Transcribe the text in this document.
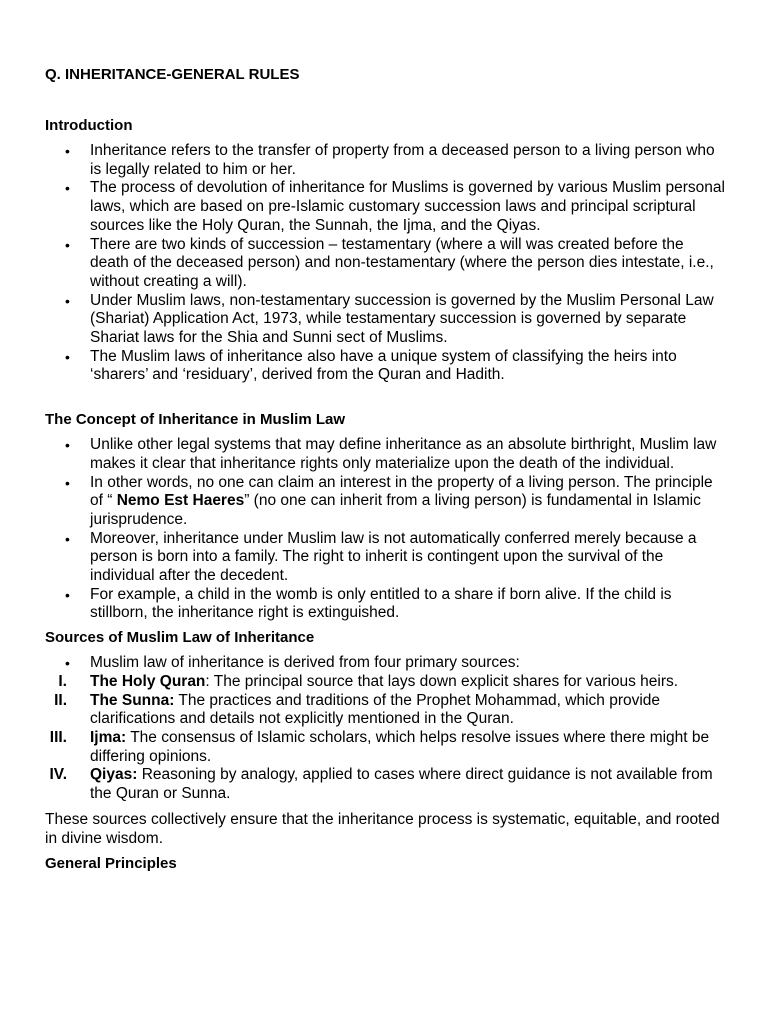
Q. INHERITANCE-GENERAL RULES
Introduction
• Inheritance refers to the transfer of property from a deceased person to a living person who is legally related to him or her.
• The process of devolution of inheritance for Muslims is governed by various Muslim personal laws, which are based on pre-Islamic customary succession laws and principal scriptural sources like the Holy Quran, the Sunnah, the Ijma, and the Qiyas.
• There are two kinds of succession – testamentary (where a will was created before the death of the deceased person) and non-testamentary (where the person dies intestate, i.e., without creating a will).
• Under Muslim laws, non-testamentary succession is governed by the Muslim Personal Law (Shariat) Application Act, 1973, while testamentary succession is governed by separate Shariat laws for the Shia and Sunni sect of Muslims.
• The Muslim laws of inheritance also have a unique system of classifying the heirs into ‘sharers’ and ‘residuary’, derived from the Quran and Hadith.
The Concept of Inheritance in Muslim Law
• Unlike other legal systems that may define inheritance as an absolute birthright, Muslim law makes it clear that inheritance rights only materialize upon the death of the individual.
• In other words, no one can claim an interest in the property of a living person. The principle of “ Nemo Est Haeres” (no one can inherit from a living person) is fundamental in Islamic jurisprudence.
• Moreover, inheritance under Muslim law is not automatically conferred merely because a person is born into a family. The right to inherit is contingent upon the survival of the individual after the decedent.
• For example, a child in the womb is only entitled to a share if born alive. If the child is stillborn, the inheritance right is extinguished.
Sources of Muslim Law of Inheritance
• Muslim law of inheritance is derived from four primary sources:
I. The Holy Quran: The principal source that lays down explicit shares for various heirs.
II. The Sunna: The practices and traditions of the Prophet Mohammad, which provide clarifications and details not explicitly mentioned in the Quran.
III. Ijma: The consensus of Islamic scholars, which helps resolve issues where there might be differing opinions.
IV. Qiyas: Reasoning by analogy, applied to cases where direct guidance is not available from the Quran or Sunna.

These sources collectively ensure that the inheritance process is systematic, equitable, and rooted in divine wisdom.

General Principles
